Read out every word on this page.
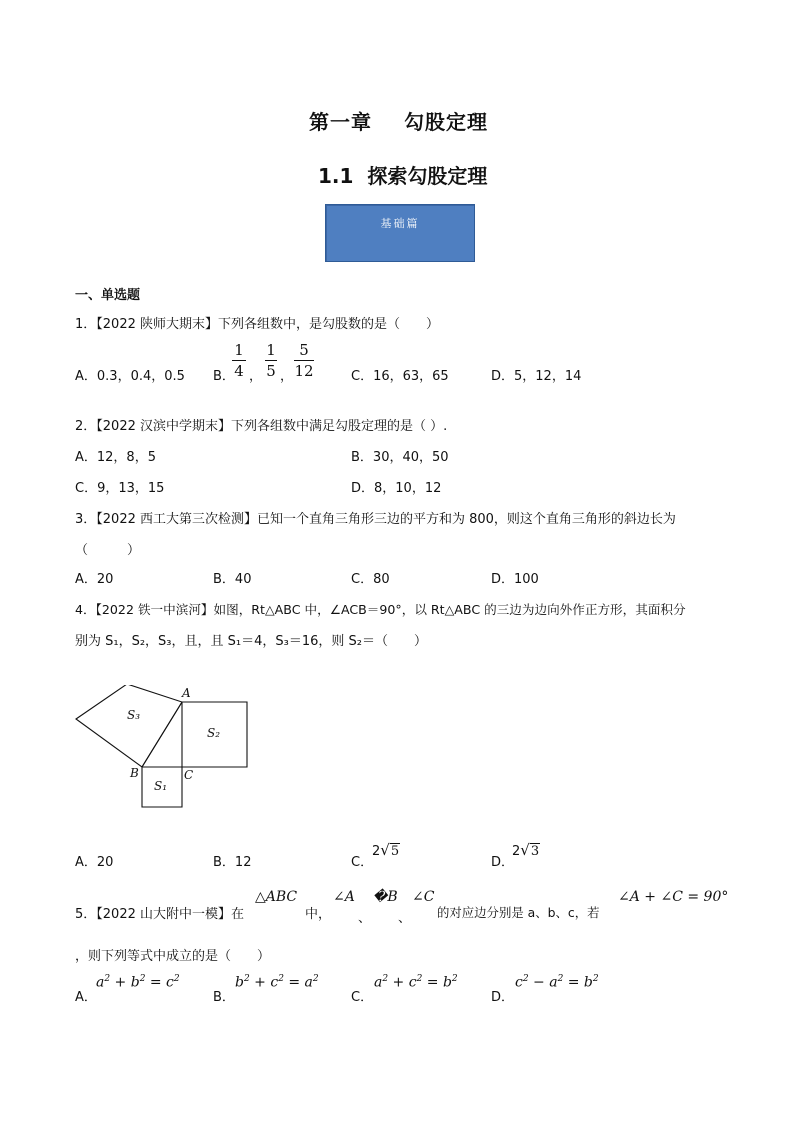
第一章 勾股定理
1.1  探索勾股定理
基础篇
一、单选题
1．【2022 陕师大期末】下列各组数中，是勾股数的是（　　）
A．0.3，0.4，0.5 B．
1
4 ，
1
5 ，
5
12	C．16，63，65	D．5，12，14
2．【2022 汉滨中学期末】下列各组数中满足勾股定理的是（ ）.
A．12，8，5	B．30，40，50
C．9，13，15	D．8，10，12
3．【2022 西工大第三次检测】已知一个直角三角形三边的平方和为 800，则这个直角三角形的斜边长为
（　　　）
A．20	B．40	C．80	D．100
4．【2022 铁一中滨河】如图，Rt△ABC 中，∠ACB＝90°，以 Rt△ABC 的三边为边向外作正方形，其面积分
别为 S₁，S₂，S₃，且，且 S₁＝4，S₃＝16，则 S₂＝（　　）
S₃
S₂
S₁
A
B	C
A．20	B．12	C．
2√5
D．
2√3
5．【2022 山大附中一模】在
△ABC
中，
∠A
、
�B
、
∠C
的对应边分别是 a、b、c，若
∠A + ∠C = 90°
，则下列等式中成立的是（　　）
A．
$a^2 + b^2 = c^2$
B．
$b^2 + c^2 = a^2$
C．
$a^2 + c^2 = b^2$
D．
$c^2 - a^2 = b^2$
